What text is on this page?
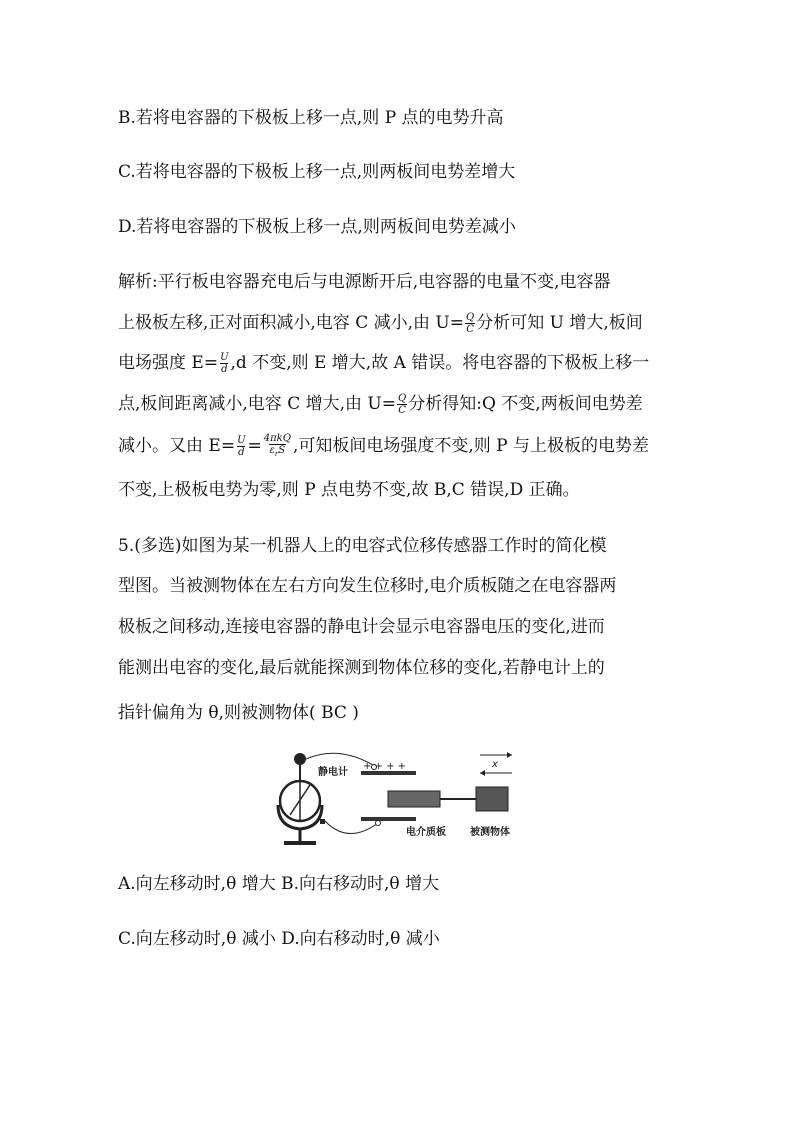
B.若将电容器的下极板上移一点,则 P 点的电势升高
C.若将电容器的下极板上移一点,则两板间电势差增大
D.若将电容器的下极板上移一点,则两板间电势差减小
解析:平行板电容器充电后与电源断开后,电容器的电量不变,电容器
上极板左移,正对面积减小,电容 C 减小,由 $U= \frac{Q}{C}$ 分析可知 U 增大,板间
电场强度 $E= \frac{U}{d} ,d$ 不变,则 E 增大,故 A 错误。将电容器的下极板上移一
点,板间距离减小,电容 C 增大,由 $U= \frac{Q}{C}$ 分析得知:Q 不变,两板间电势差
减小。又由 $E= \frac{U}{d} = \frac{\text{4πkQ}}{\varepsilon_rS}$ ,可知板间电场强度不变,则 P 与上极板的电势差
不变,上极板电势为零,则 P 点电势不变,故 B,C 错误,D 正确。
5.(多选)如图为某一机器人上的电容式位移传感器工作时的简化模
型图。当被测物体在左右方向发生位移时,电介质板随之在电容器两
极板之间移动,连接电容器的静电计会显示电容器电压的变化,进而
能测出电容的变化,最后就能探测到物体位移的变化,若静电计上的
指针偏角为 θ,则被测物体( BC )
+ + + +
静电计
电介质板 被测物体
x
A.向左移动时,θ 增大 B.向右移动时,θ 增大
C.向左移动时,θ 减小 D.向右移动时,θ 减小
